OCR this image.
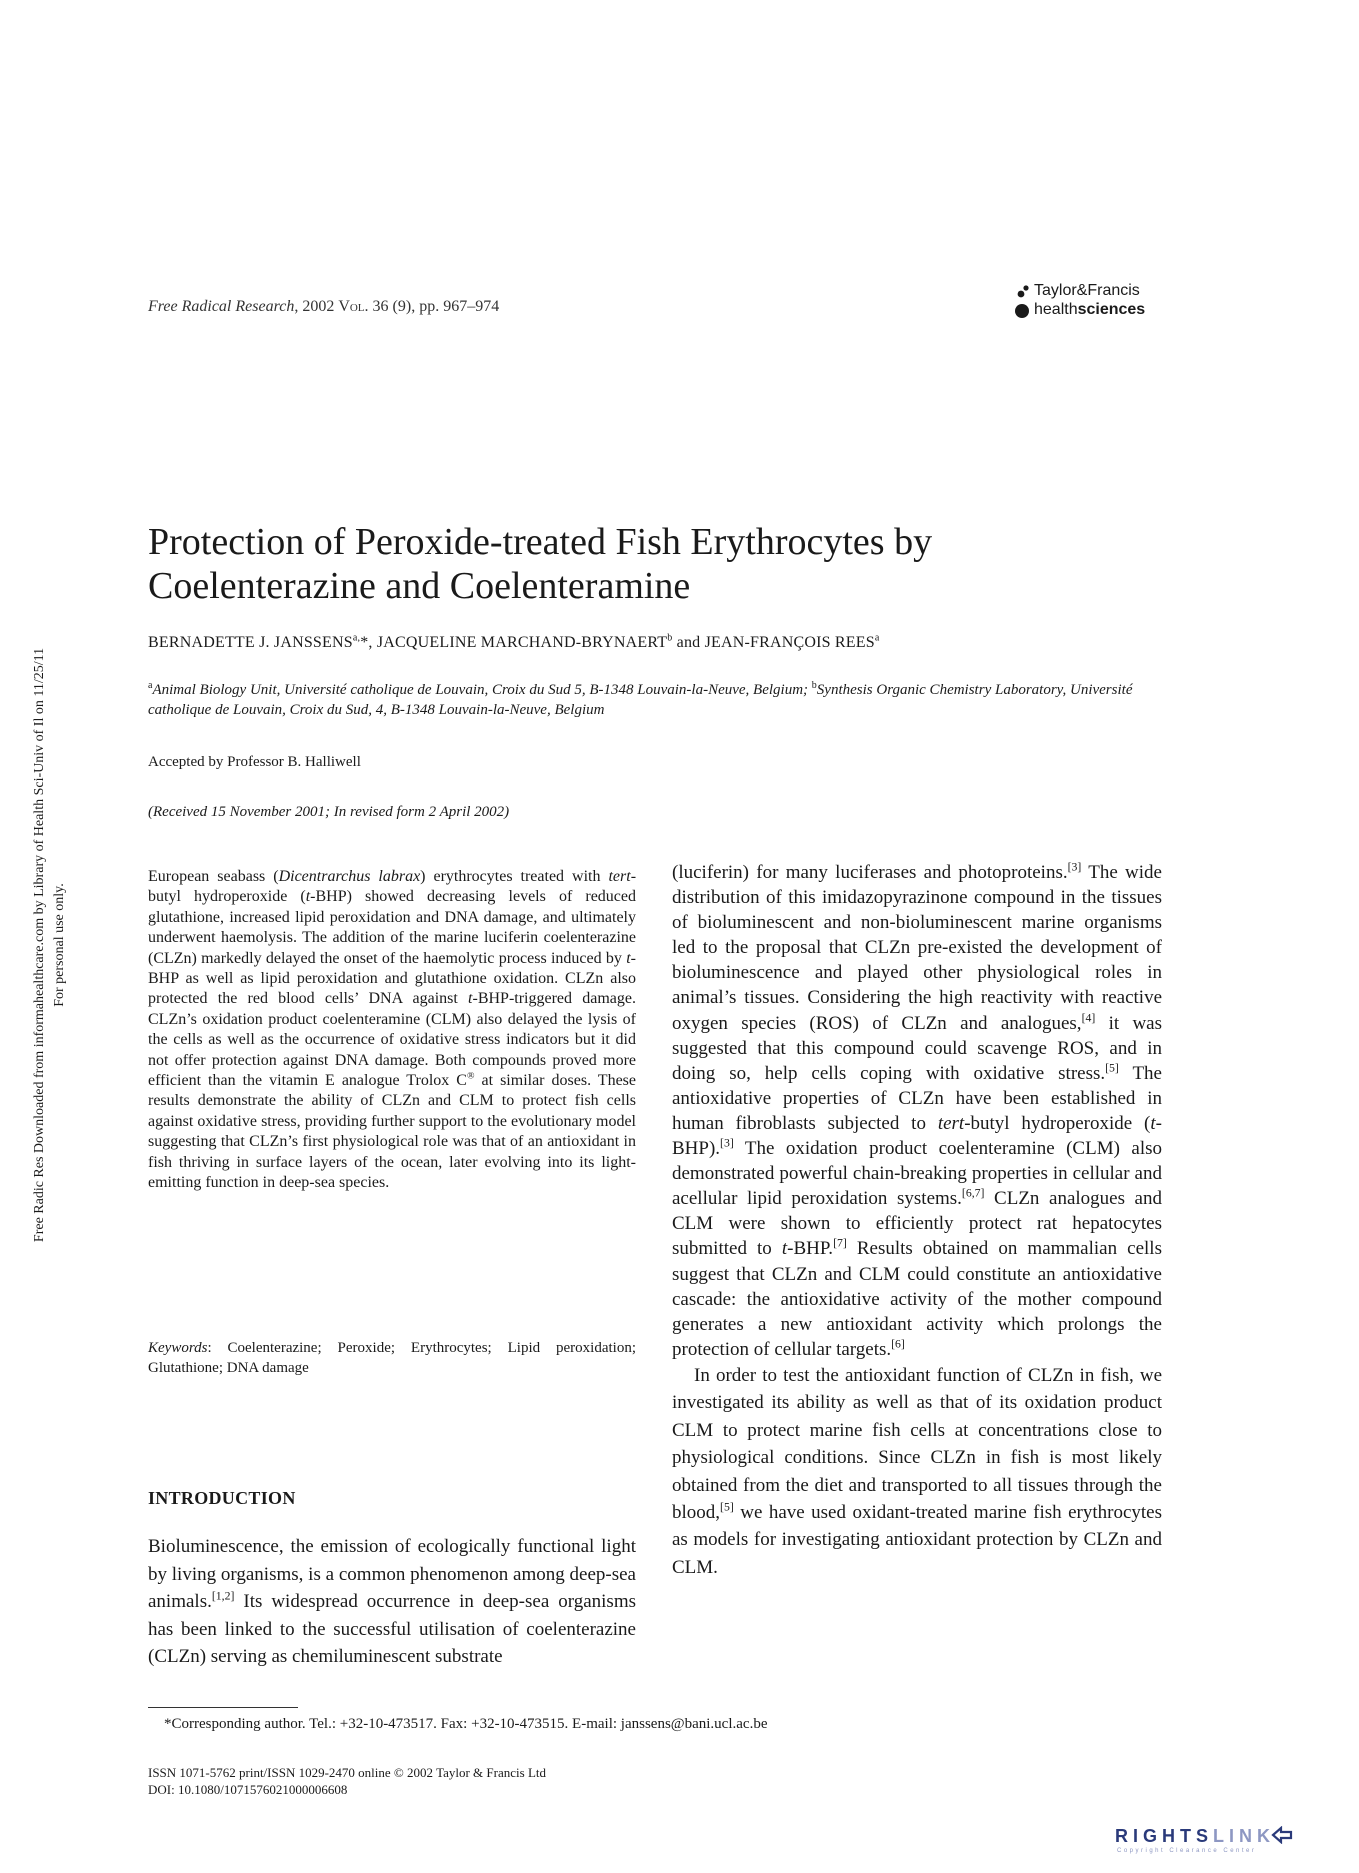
Free Radic Res Downloaded from informahealthcare.com by Library of Health Sci-Univ of Il on 11/25/11 For personal use only.
Free Radical Research, 2002 Vol. 36 (9), pp. 967–974
Taylor&Francis
healthsciences
Protection of Peroxide-treated Fish Erythrocytes by
Coelenterazine and Coelenteramine
BERNADETTE J. $JANSSENS^{a,}*$, JACQUELINE MARCHAND-BRYNAERT$^b$ and JEAN-FRANÇOIS REES$^a$
$^a$Animal Biology Unit, Université catholique de Louvain, Croix du Sud 5, B-1348 Louvain-la-Neuve, Belgium; $^b$Synthesis Organic Chemistry Laboratory, Université catholique de Louvain, Croix du Sud, 4, B-1348 Louvain-la-Neuve, Belgium
Accepted by Professor B. Halliwell
(Received 15 November 2001; In revised form 2 April 2002)

European seabass (Dicentrarchus labrax) erythrocytes treated with tert-butyl hydroperoxide (t-BHP) showed decreasing levels of reduced glutathione, increased lipid peroxidation and DNA damage, and ultimately underwent haemolysis. The addition of the marine luciferin coelenterazine (CLZn) markedly delayed the onset of the haemolytic process induced by t-BHP as well as lipid peroxidation and glutathione oxidation. CLZn also protected the red blood cells’ DNA against t-BHP-triggered damage. CLZn’s oxidation product coelenteramine (CLM) also delayed the lysis of the cells as well as the occurrence of oxidative stress indicators but it did not offer protection against DNA damage. Both compounds proved more efficient than the vitamin E analogue Trolox C® at similar doses. These results demonstrate the ability of CLZn and CLM to protect fish cells against oxidative stress, providing further support to the evolutionary model suggesting that CLZn’s first physiological role was that of an antioxidant in fish thriving in surface layers of the ocean, later evolving into its light-emitting function in deep-sea species.

Keywords: Coelenterazine; Peroxide; Erythrocytes; Lipid peroxidation; Glutathione; DNA damage
INTRODUCTION

Bioluminescence, the emission of ecologically functional light by living organisms, is a common phenomenon among deep-sea animals.[1,2] Its widespread occurrence in deep-sea organisms has been linked to the successful utilisation of coelenterazine (CLZn) serving as chemiluminescent substrate

(luciferin) for many luciferases and photoproteins.[3] The wide distribution of this imidazopyrazinone compound in the tissues of bioluminescent and non-bioluminescent marine organisms led to the proposal that CLZn pre-existed the development of bioluminescence and played other physiological roles in animal’s tissues. Considering the high reactivity with reactive oxygen species (ROS) of CLZn and analogues,[4] it was suggested that this compound could scavenge ROS, and in doing so, help cells coping with oxidative stress.[5] The antioxidative properties of CLZn have been established in human fibroblasts subjected to tert-butyl hydroperoxide (t-BHP).[3] The oxidation product coelenteramine (CLM) also demonstrated powerful chain-breaking properties in cellular and acellular lipid peroxidation systems.[6,7] CLZn analogues and CLM were shown to efficiently protect rat hepatocytes submitted to t-BHP.[7] Results obtained on mammalian cells suggest that CLZn and CLM could constitute an antioxidative cascade: the antioxidative activity of the mother compound generates a new antioxidant activity which prolongs the protection of cellular targets.[6]

In order to test the antioxidant function of CLZn in fish, we investigated its ability as well as that of its oxidation product CLM to protect marine fish cells at concentrations close to physiological conditions. Since CLZn in fish is most likely obtained from the diet and transported to all tissues through the blood,[5] we have used oxidant-treated marine fish erythrocytes as models for investigating antioxidant protection by CLZn and CLM.

*Corresponding author. Tel.: +32-10-473517. Fax: +32-10-473515. E-mail: janssens@bani.ucl.ac.be
ISSN 1071-5762 print/ISSN 1029-2470 online © 2002 Taylor & Francis Ltd
DOI: 10.1080/1071576021000006608
RIGHTSLINK
Copyright Clearance Center
